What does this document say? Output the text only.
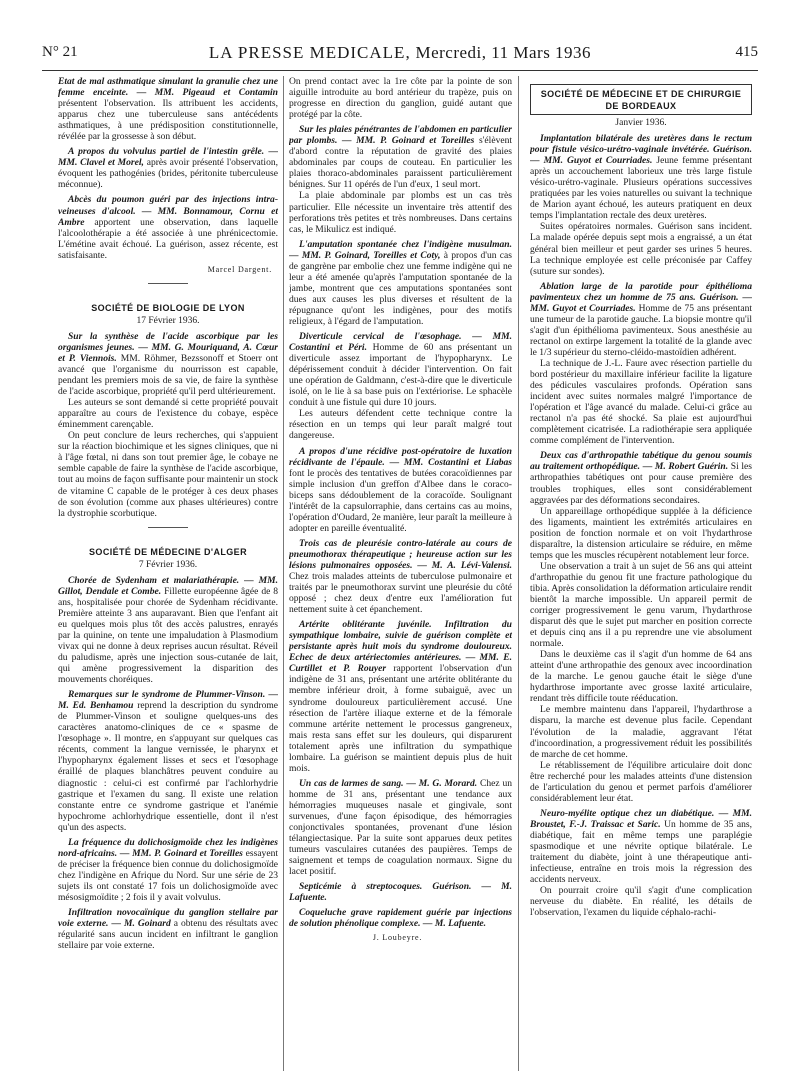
N° 21	LA PRESSE MEDICALE, Mercredi, 11 Mars 1936	415

Etat de mal asthmatique simulant la granulie chez une femme enceinte. — MM. Pigeaud et Contamin présentent l'observation. Ils attribuent les accidents, apparus chez une tuberculeuse sans antécédents asthmatiques, à une prédisposition constitutionnelle, révélée par la grossesse à son début.

A propos du volvulus partiel de l'intestin grêle. — MM. Clavel et Morel, après avoir présenté l'observation, évoquent les pathogénies (brides, péritonite tuberculeuse méconnue).

Abcès du poumon guéri par des injections intra-veineuses d'alcool. — MM. Bonnamour, Cornu et Ambre apportent une observation, dans laquelle l'alcoolothérapie a été associée à une phrénicectomie. L'émétine avait échoué. La guérison, assez récente, est satisfaisante.

Marcel Dargent.
SOCIÉTÉ DE BIOLOGIE DE LYON
17 Février 1936.

Sur la synthèse de l'acide ascorbique par les organismes jeunes. — MM. G. Mouriquand, A. Cœur et P. Viennois. MM. Röhmer, Bezssonoff et Stoerr ont avancé que l'organisme du nourrisson est capable, pendant les premiers mois de sa vie, de faire la synthèse de l'acide ascorbique, propriété qu'il perd ultérieurement.

Les auteurs se sont demandé si cette propriété pouvait apparaître au cours de l'existence du cobaye, espèce éminemment carençable.

On peut conclure de leurs recherches, qui s'appuient sur la réaction biochimique et les signes cliniques, que ni à l'âge fœtal, ni dans son tout premier âge, le cobaye ne semble capable de faire la synthèse de l'acide ascorbique, tout au moins de façon suffisante pour maintenir un stock de vitamine C capable de le protéger à ces deux phases de son évolution (comme aux phases ultérieures) contre la dystrophie scorbutique.

SOCIÉTÉ DE MÉDECINE D'ALGER
7 Février 1936.

Chorée de Sydenham et malariathérapie. — MM. Gillot, Dendale et Combe. Fillette européenne âgée de 8 ans, hospitalisée pour chorée de Sydenham récidivante. Première atteinte 3 ans auparavant. Bien que l'enfant ait eu quelques mois plus tôt des accès palustres, enrayés par la quinine, on tente une impaludation à Plasmodium vivax qui ne donne à deux reprises aucun résultat. Réveil du paludisme, après une injection sous-cutanée de lait, qui amène progressivement la disparition des mouvements choréiques.

Remarques sur le syndrome de Plummer-Vinson. — M. Ed. Benhamou reprend la description du syndrome de Plummer-Vinson et souligne quelques-uns des caractères anatomo-cliniques de ce « spasme de l'œsophage ». Il montre, en s'appuyant sur quelques cas récents, comment la langue vernissée, le pharynx et l'hypopharynx également lisses et secs et l'œsophage éraillé de plaques blanchâtres peuvent conduire au diagnostic : celui-ci est confirmé par l'achlorhydrie gastrique et l'examen du sang. Il existe une relation constante entre ce syndrome gastrique et l'anémie hypochrome achlorhydrique essentielle, dont il n'est qu'un des aspects.

La fréquence du dolichosigmoïde chez les indigènes nord-africains. — MM. P. Goinard et Toreilles essayent de préciser la fréquence bien connue du dolichosigmoïde chez l'indigène en Afrique du Nord. Sur une série de 23 sujets ils ont constaté 17 fois un dolichosigmoïde avec mésosigmoïdite ; 2 fois il y avait volvulus.

Infiltration novocaïnique du ganglion stellaire par voie externe. — M. Goinard a obtenu des résultats avec régularité sans aucun incident en infiltrant le ganglion stellaire par voie externe.

On prend contact avec la 1re côte par la pointe de son aiguille introduite au bord antérieur du trapèze, puis on progresse en direction du ganglion, guidé autant que protégé par la côte.

Sur les plaies pénétrantes de l'abdomen en particulier par plombs. — MM. P. Goinard et Toreilles s'élèvent d'abord contre la réputation de gravité des plaies abdominales par coups de couteau. En particulier les plaies thoraco-abdominales paraissent particulièrement bénignes. Sur 11 opérés de l'un d'eux, 1 seul mort.

La plaie abdominale par plombs est un cas très particulier. Elle nécessite un inventaire très attentif des perforations très petites et très nombreuses. Dans certains cas, le Mikulicz est indiqué.

L'amputation spontanée chez l'indigène musulman. — MM. P. Goinard, Toreilles et Coty, à propos d'un cas de gangrène par embolie chez une femme indigène qui ne leur a été amenée qu'après l'amputation spontanée de la jambe, montrent que ces amputations spontanées sont dues aux causes les plus diverses et résultent de la répugnance qu'ont les indigènes, pour des motifs religieux, à l'égard de l'amputation.

Diverticule cervical de l'œsophage. — MM. Costantini et Péri. Homme de 60 ans présentant un diverticule assez important de l'hypopharynx. Le dépérissement conduit à décider l'intervention. On fait une opération de Galdmann, c'est-à-dire que le diverticule isolé, on le lie à sa base puis on l'extériorise. Le sphacèle conduit à une fistule qui dure 10 jours.

Les auteurs défendent cette technique contre la résection en un temps qui leur paraît malgré tout dangereuse.

A propos d'une récidive post-opératoire de luxation récidivante de l'épaule. — MM. Costantini et Liabas font le procès des tentatives de butées coracoïdiennes par simple inclusion d'un greffon d'Albee dans le coraco-biceps sans dédoublement de la coracoïde. Soulignant l'intérêt de la capsulorraphie, dans certains cas au moins, l'opération d'Oudard, 2e manière, leur paraît la meilleure à adopter en pareille éventualité.

Trois cas de pleurésie contro-latérale au cours de pneumothorax thérapeutique ; heureuse action sur les lésions pulmonaires opposées. — M. A. Lévi-Valensi. Chez trois malades atteints de tuberculose pulmonaire et traités par le pneumothorax survint une pleurésie du côté opposé ; chez deux d'entre eux l'amélioration fut nettement suite à cet épanchement.

Artérite oblitérante juvénile. Infiltration du sympathique lombaire, suivie de guérison complète et persistante après huit mois du syndrome douloureux. Echec de deux artériectomies antérieures. — MM. E. Curtillet et P. Rouyer rapportent l'observation d'un indigène de 31 ans, présentant une artérite oblitérante du membre inférieur droit, à forme subaiguë, avec un syndrome douloureux particulièrement accusé. Une résection de l'artère iliaque externe et de la fémorale commune artérite nettement le processus gangreneux, mais resta sans effet sur les douleurs, qui disparurent totalement après une infiltration du sympathique lombaire. La guérison se maintient depuis plus de huit mois.

Un cas de larmes de sang. — M. G. Morard. Chez un homme de 31 ans, présentant une tendance aux hémorragies muqueuses nasale et gingivale, sont survenues, d'une façon épisodique, des hémorragies conjonctivales spontanées, provenant d'une lésion télangiectasique. Par la suite sont apparues deux petites tumeurs vasculaires cutanées des paupières. Temps de saignement et temps de coagulation normaux. Signe du lacet positif.

Septicémie à streptocoques. Guérison. — M. Lafuente.

Coqueluche grave rapidement guérie par injections de solution phénolique complexe. — M. Lafuente.

J. Loubeyre.
SOCIÉTÉ DE MÉDECINE ET DE CHIRURGIE
DE BORDEAUX
Janvier 1936.

Implantation bilatérale des uretères dans le rectum pour fistule vésico-urétro-vaginale invétérée. Guérison. — MM. Guyot et Courriades. Jeune femme présentant après un accouchement laborieux une très large fistule vésico-urétro-vaginale. Plusieurs opérations successives pratiquées par les voies naturelles ou suivant la technique de Marion ayant échoué, les auteurs pratiquent en deux temps l'implantation rectale des deux uretères.

Suites opératoires normales. Guérison sans incident. La malade opérée depuis sept mois a engraissé, a un état général bien meilleur et peut garder ses urines 5 heures. La technique employée est celle préconisée par Caffey (suture sur sondes).

Ablation large de la parotide pour épithélioma pavimenteux chez un homme de 75 ans. Guérison. — MM. Guyot et Courriades. Homme de 75 ans présentant une tumeur de la parotide gauche. La biopsie montre qu'il s'agit d'un épithélioma pavimenteux. Sous anesthésie au rectanol on extirpe largement la totalité de la glande avec le 1/3 supérieur du sterno-cléido-mastoïdien adhérent.

La technique de J.-L. Faure avec résection partielle du bord postérieur du maxillaire inférieur facilite la ligature des pédicules vasculaires profonds. Opération sans incident avec suites normales malgré l'importance de l'opération et l'âge avancé du malade. Celui-ci grâce au rectanol n'a pas été shocké. Sa plaie est aujourd'hui complètement cicatrisée. La radiothérapie sera appliquée comme complément de l'intervention.

Deux cas d'arthropathie tabétique du genou soumis au traitement orthopédique. — M. Robert Guérin. Si les arthropathies tabétiques ont pour cause première des troubles trophiques, elles sont considérablement aggravées par des déformations secondaires.

Un appareillage orthopédique supplée à la déficience des ligaments, maintient les extrémités articulaires en position de fonction normale et on voit l'hydarthrose disparaître, la distension articulaire se réduire, en même temps que les muscles récupèrent notablement leur force.

Une observation a trait à un sujet de 56 ans qui atteint d'arthropathie du genou fit une fracture pathologique du tibia. Après consolidation la déformation articulaire rendit bientôt la marche impossible. Un appareil permit de corriger progressivement le genu varum, l'hydarthrose disparut dès que le sujet put marcher en position correcte et depuis cinq ans il a pu reprendre une vie absolument normale.

Dans le deuxième cas il s'agit d'un homme de 64 ans atteint d'une arthropathie des genoux avec incoordination de la marche. Le genou gauche était le siège d'une hydarthrose importante avec grosse laxité articulaire, rendant très difficile toute rééducation.

Le membre maintenu dans l'appareil, l'hydarthrose a disparu, la marche est devenue plus facile. Cependant l'évolution de la maladie, aggravant l'état d'incoordination, a progressivement réduit les possibilités de marche de cet homme.

Le rétablissement de l'équilibre articulaire doit donc être recherché pour les malades atteints d'une distension de l'articulation du genou et permet parfois d'améliorer considérablement leur état.

Neuro-myélite optique chez un diabétique. — MM. Broustet, F.-J. Traissac et Saric. Un homme de 35 ans, diabétique, fait en même temps une paraplégie spasmodique et une névrite optique bilatérale. Le traitement du diabète, joint à une thérapeutique anti-infectieuse, entraîne en trois mois la régression des accidents nerveux.

On pourrait croire qu'il s'agit d'une complication nerveuse du diabète. En réalité, les détails de l'observation, l'examen du liquide céphalo-rachi-
